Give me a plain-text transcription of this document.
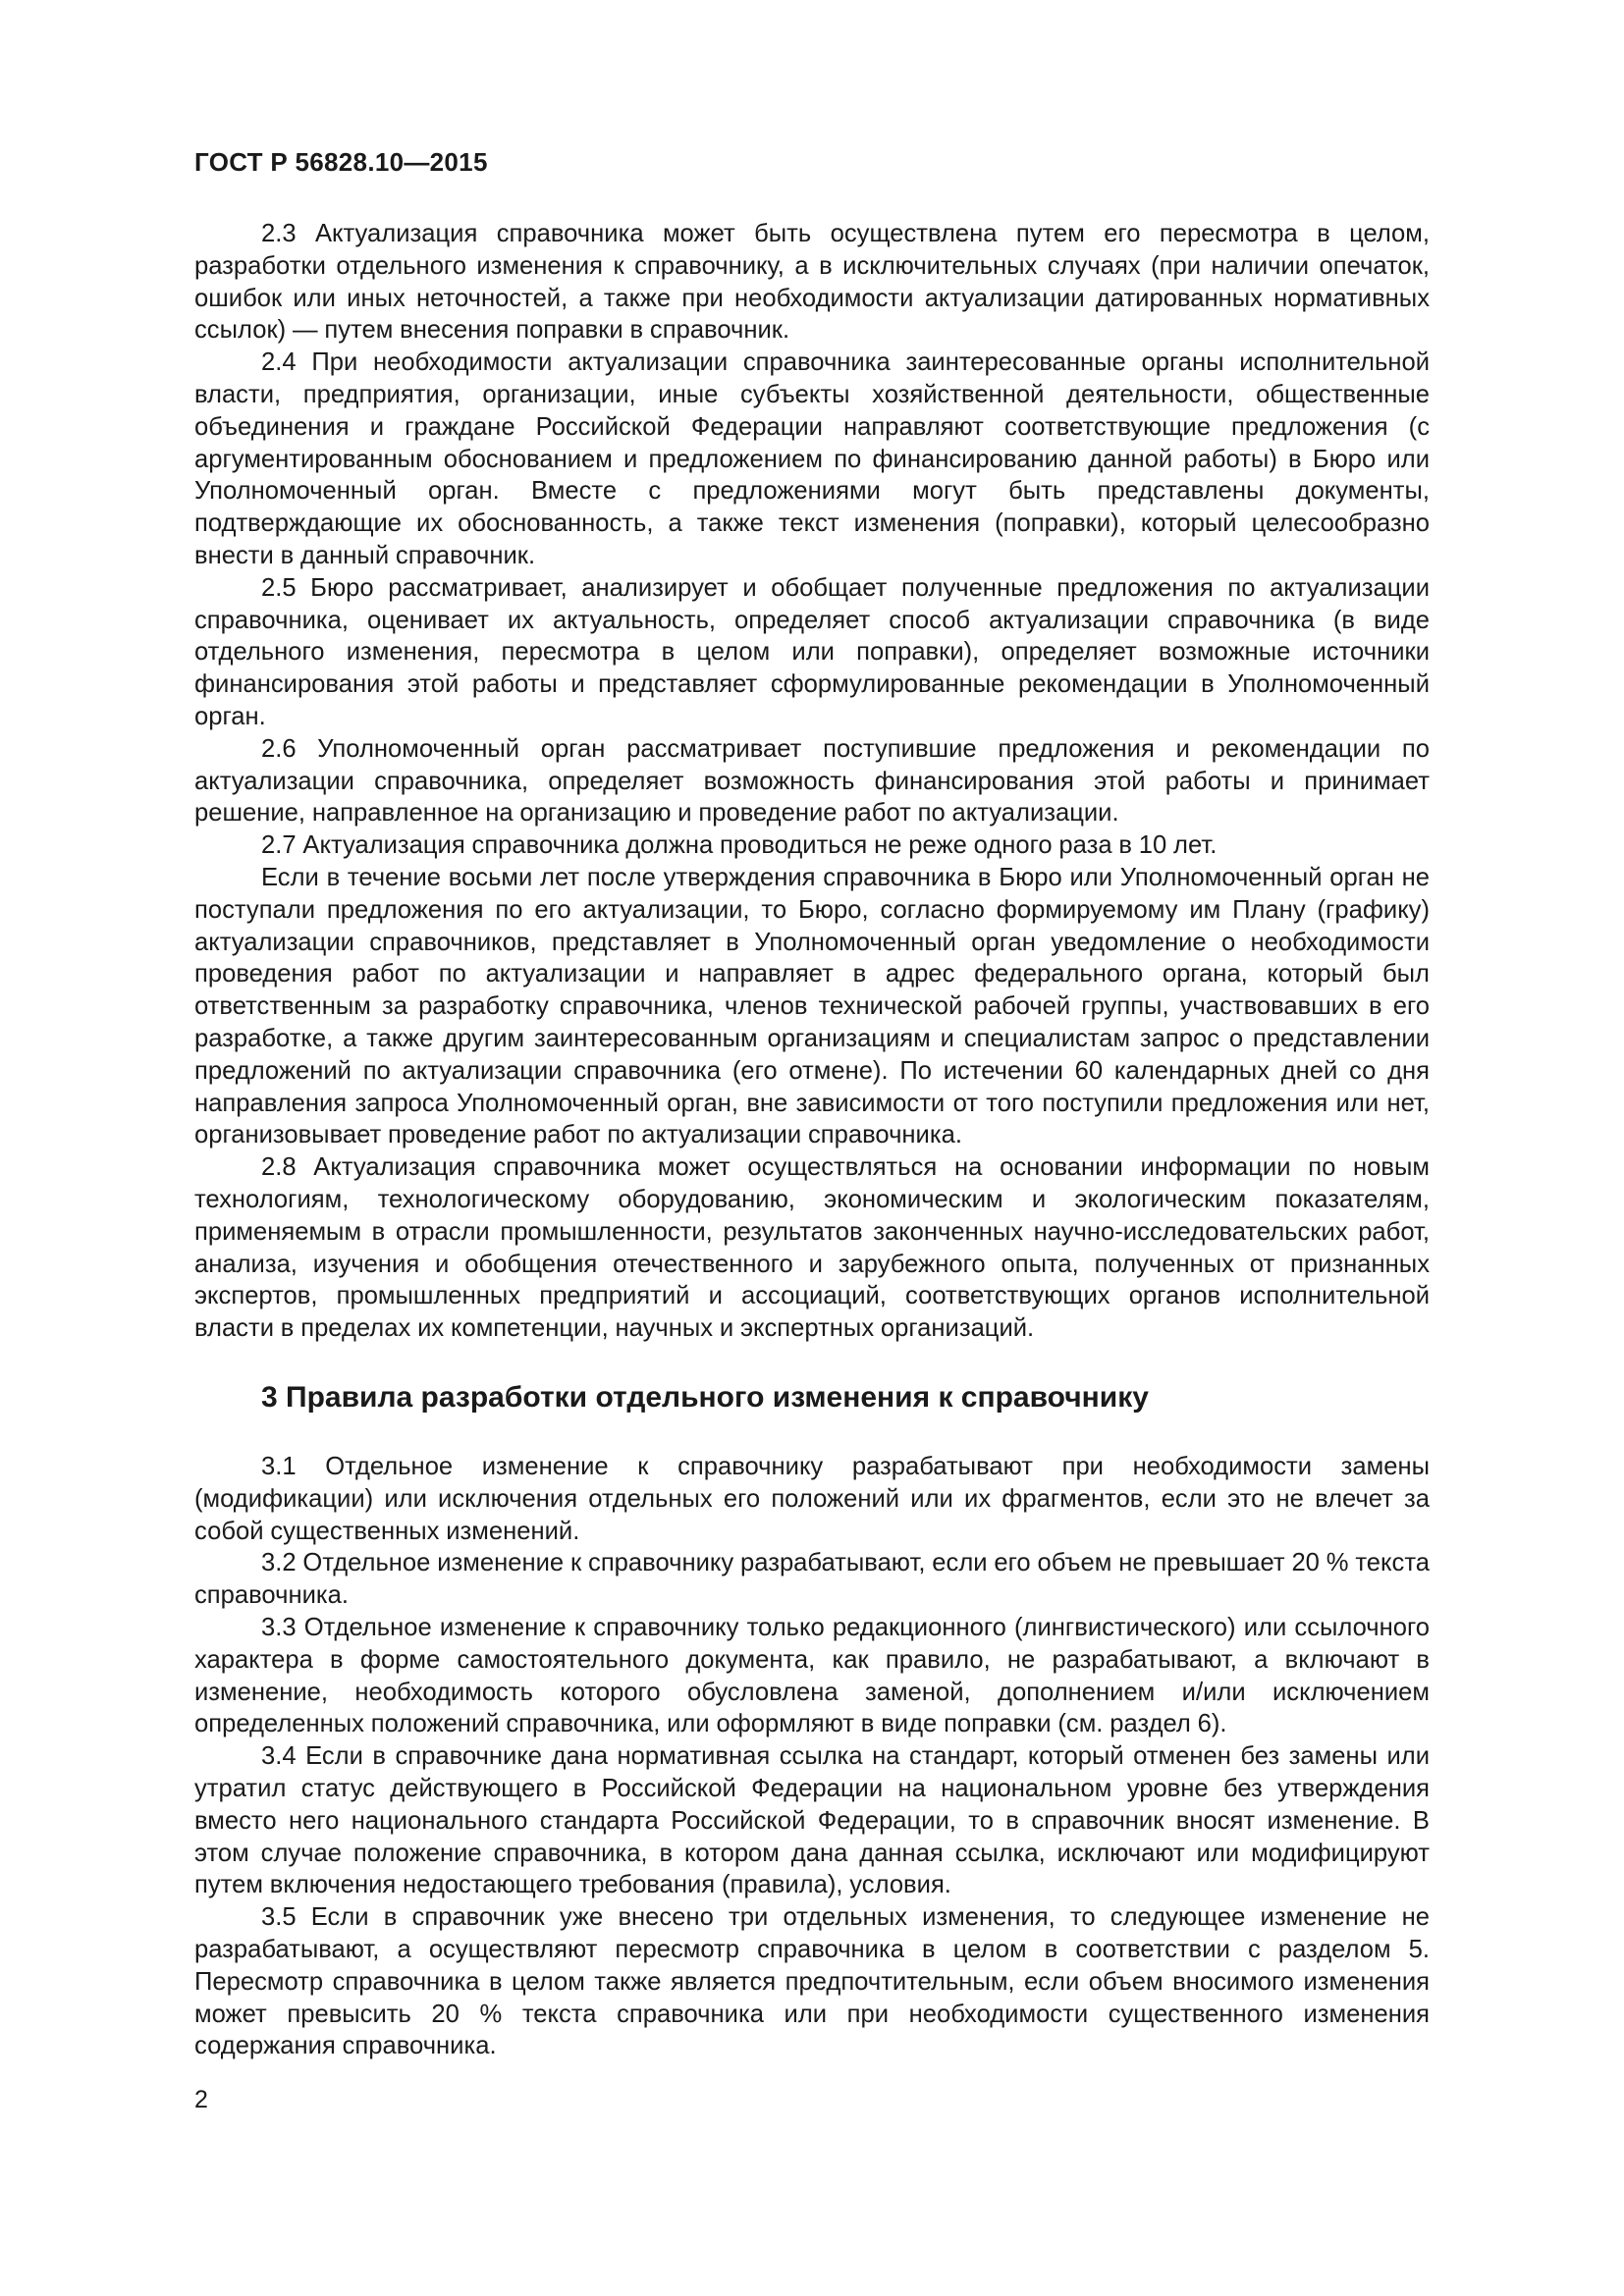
ГОСТ Р 56828.10—2015

2.3 Актуализация справочника может быть осуществлена путем его пересмотра в целом, разработки отдельного изменения к справочнику, а в исключительных случаях (при наличии опечаток, ошибок или иных неточностей, а также при необходимости актуализации датированных нормативных ссылок) — путем внесения поправки в справочник.

2.4 При необходимости актуализации справочника заинтересованные органы исполнительной власти, предприятия, организации, иные субъекты хозяйственной деятельности, общественные объединения и граждане Российской Федерации направляют соответствующие предложения (с аргументированным обоснованием и предложением по финансированию данной работы) в Бюро или Уполномоченный орган. Вместе с предложениями могут быть представлены документы, подтверждающие их обоснованность, а также текст изменения (поправки), который целесообразно внести в данный справочник.

2.5 Бюро рассматривает, анализирует и обобщает полученные предложения по актуализации справочника, оценивает их актуальность, определяет способ актуализации справочника (в виде отдельного изменения, пересмотра в целом или поправки), определяет возможные источники финансирования этой работы и представляет сформулированные рекомендации в Уполномоченный орган.

2.6 Уполномоченный орган рассматривает поступившие предложения и рекомендации по актуализации справочника, определяет возможность финансирования этой работы и принимает решение, направленное на организацию и проведение работ по актуализации.

2.7 Актуализация справочника должна проводиться не реже одного раза в 10 лет.

Если в течение восьми лет после утверждения справочника в Бюро или Уполномоченный орган не поступали предложения по его актуализации, то Бюро, согласно формируемому им Плану (графику) актуализации справочников, представляет в Уполномоченный орган уведомление о необходимости проведения работ по актуализации и направляет в адрес федерального органа, который был ответственным за разработку справочника, членов технической рабочей группы, участвовавших в его разработке, а также другим заинтересованным организациям и специалистам запрос о представлении предложений по актуализации справочника (его отмене). По истечении 60 календарных дней со дня направления запроса Уполномоченный орган, вне зависимости от того поступили предложения или нет, организовывает проведение работ по актуализации справочника.

2.8 Актуализация справочника может осуществляться на основании информации по новым технологиям, технологическому оборудованию, экономическим и экологическим показателям, применяемым в отрасли промышленности, результатов законченных научно-исследовательских работ, анализа, изучения и обобщения отечественного и зарубежного опыта, полученных от признанных экспертов, промышленных предприятий и ассоциаций, соответствующих органов исполнительной власти в пределах их компетенции, научных и экспертных организаций.

3 Правила разработки отдельного изменения к справочнику

3.1 Отдельное изменение к справочнику разрабатывают при необходимости замены (модификации) или исключения отдельных его положений или их фрагментов, если это не влечет за собой существенных изменений.

3.2 Отдельное изменение к справочнику разрабатывают, если его объем не превышает 20 % текста справочника.

3.3 Отдельное изменение к справочнику только редакционного (лингвистического) или ссылочного характера в форме самостоятельного документа, как правило, не разрабатывают, а включают в изменение, необходимость которого обусловлена заменой, дополнением и/или исключением определенных положений справочника, или оформляют в виде поправки (см. раздел 6).

3.4 Если в справочнике дана нормативная ссылка на стандарт, который отменен без замены или утратил статус действующего в Российской Федерации на национальном уровне без утверждения вместо него национального стандарта Российской Федерации, то в справочник вносят изменение. В этом случае положение справочника, в котором дана данная ссылка, исключают или модифицируют путем включения недостающего требования (правила), условия.

3.5 Если в справочник уже внесено три отдельных изменения, то следующее изменение не разрабатывают, а осуществляют пересмотр справочника в целом в соответствии с разделом 5. Пересмотр справочника в целом также является предпочтительным, если объем вносимого изменения может превысить 20 % текста справочника или при необходимости существенного изменения содержания справочника.

2
